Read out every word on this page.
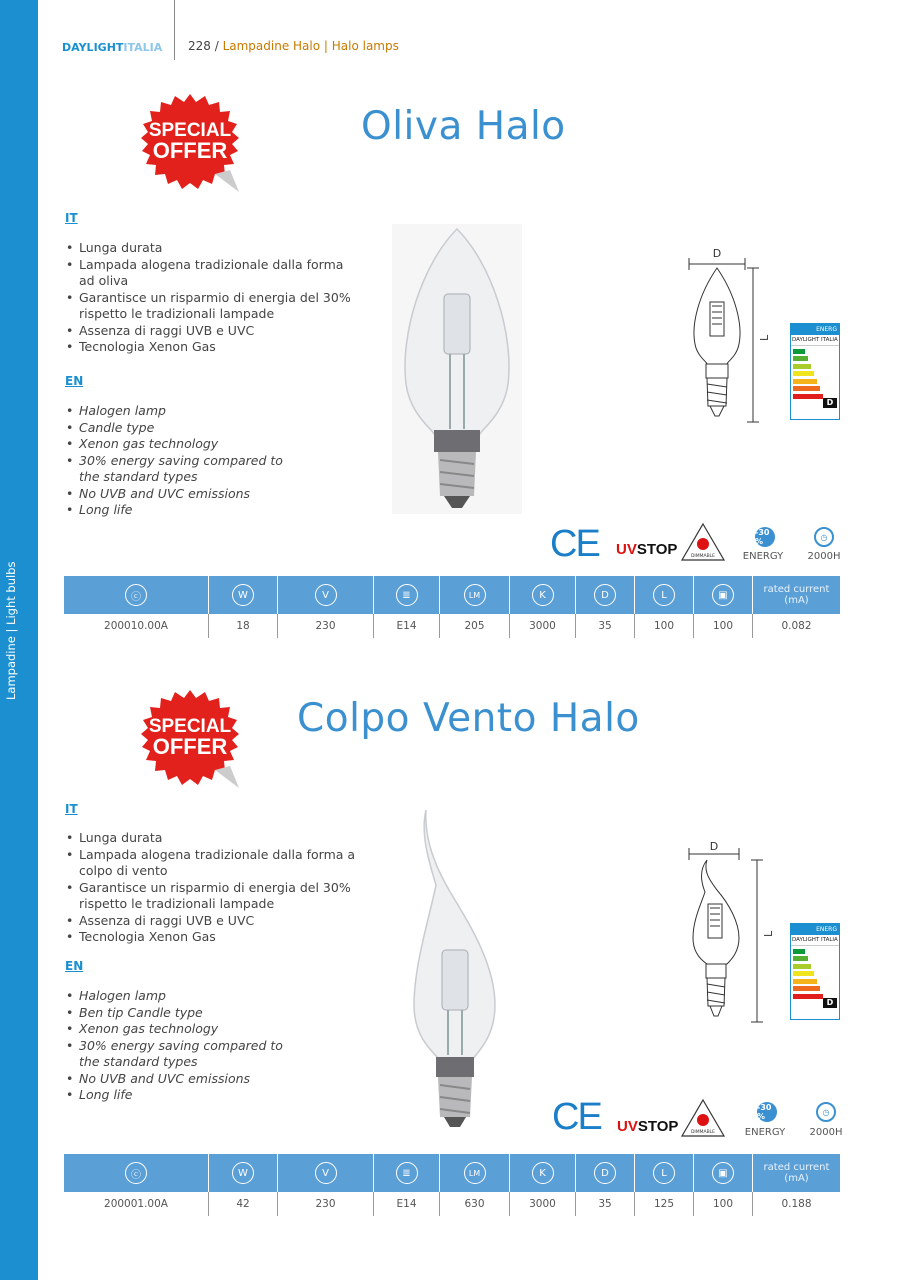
Lampadine | Light bulbs
DAYLIGHT ITALIA 228 / Lampadine Halo | Halo lamps
SPECIAL
OFFER
Oliva Halo
IT
• Lunga durata
• Lampada alogena tradizionale dalla forma ad oliva
• Garantisce un risparmio di energia del 30% rispetto le tradizionali lampade
• Assenza di raggi UVB e UVC
• Tecnologia Xenon Gas
EN
• Halogen lamp
• Candle type
• Xenon gas technology
• 30% energy saving compared to the standard types
• No UVB and UVC emissions
• Long life
D
L
ENERG
DAYLIGHT ITALIA
D
CE UVSTOP	DIMMABLE
-30 %
ENERGY
◷
2000H
ⓒ	W	V	≣	LM	K	D	L	▣	rated current (mA)
200010.00A	18	230	E14	205	3000	35	100	100	0.082
SPECIAL
OFFER
Colpo Vento Halo
IT
• Lunga durata
• Lampada alogena tradizionale dalla forma a colpo di vento
• Garantisce un risparmio di energia del 30% rispetto le tradizionali lampade
• Assenza di raggi UVB e UVC
• Tecnologia Xenon Gas
EN
• Halogen lamp
• Ben tip Candle type
• Xenon gas technology
• 30% energy saving compared to the standard types
• No UVB and UVC emissions
• Long life
D
L
ENERG
DAYLIGHT ITALIA
D
CE UVSTOP	DIMMABLE
-30 %
ENERGY
◷
2000H
ⓒ	W	V	≣	LM	K	D	L	▣	rated current (mA)
200001.00A	42	230	E14	630	3000	35	125	100	0.188
